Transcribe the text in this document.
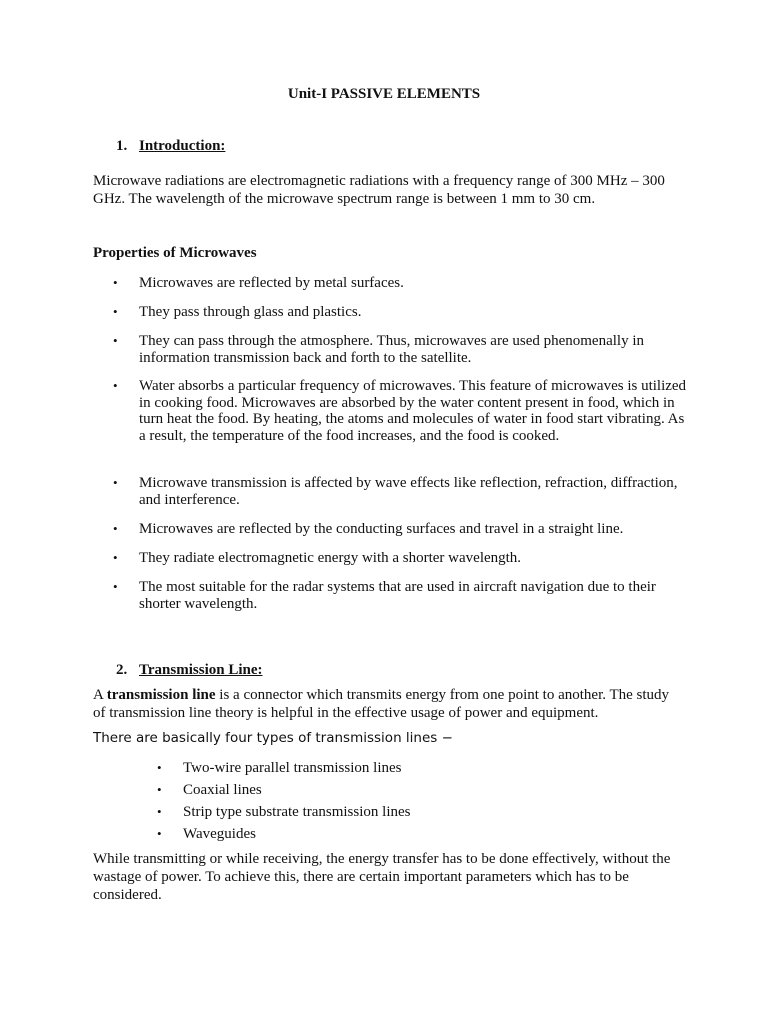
Unit-I PASSIVE ELEMENTS
1. Introduction:

Microwave radiations are electromagnetic radiations with a frequency range of 300 MHz – 300 GHz. The wavelength of the microwave spectrum range is between 1 mm to 30 cm.

Properties of Microwaves
• Microwaves are reflected by metal surfaces.
• They pass through glass and plastics.
• They can pass through the atmosphere. Thus, microwaves are used phenomenally in information transmission back and forth to the satellite.
• Water absorbs a particular frequency of microwaves. This feature of microwaves is utilized in cooking food. Microwaves are absorbed by the water content present in food, which in turn heat the food. By heating, the atoms and molecules of water in food start vibrating. As a result, the temperature of the food increases, and the food is cooked.
• Microwave transmission is affected by wave effects like reflection, refraction, diffraction, and interference.
• Microwaves are reflected by the conducting surfaces and travel in a straight line.
• They radiate electromagnetic energy with a shorter wavelength.
• The most suitable for the radar systems that are used in aircraft navigation due to their shorter wavelength.
2. Transmission Line:

A transmission line is a connector which transmits energy from one point to another. The study of transmission line theory is helpful in the effective usage of power and equipment.

There are basically four types of transmission lines −

• Two-wire parallel transmission lines
• Coaxial lines
• Strip type substrate transmission lines
• Waveguides

While transmitting or while receiving, the energy transfer has to be done effectively, without the wastage of power. To achieve this, there are certain important parameters which has to be considered.
